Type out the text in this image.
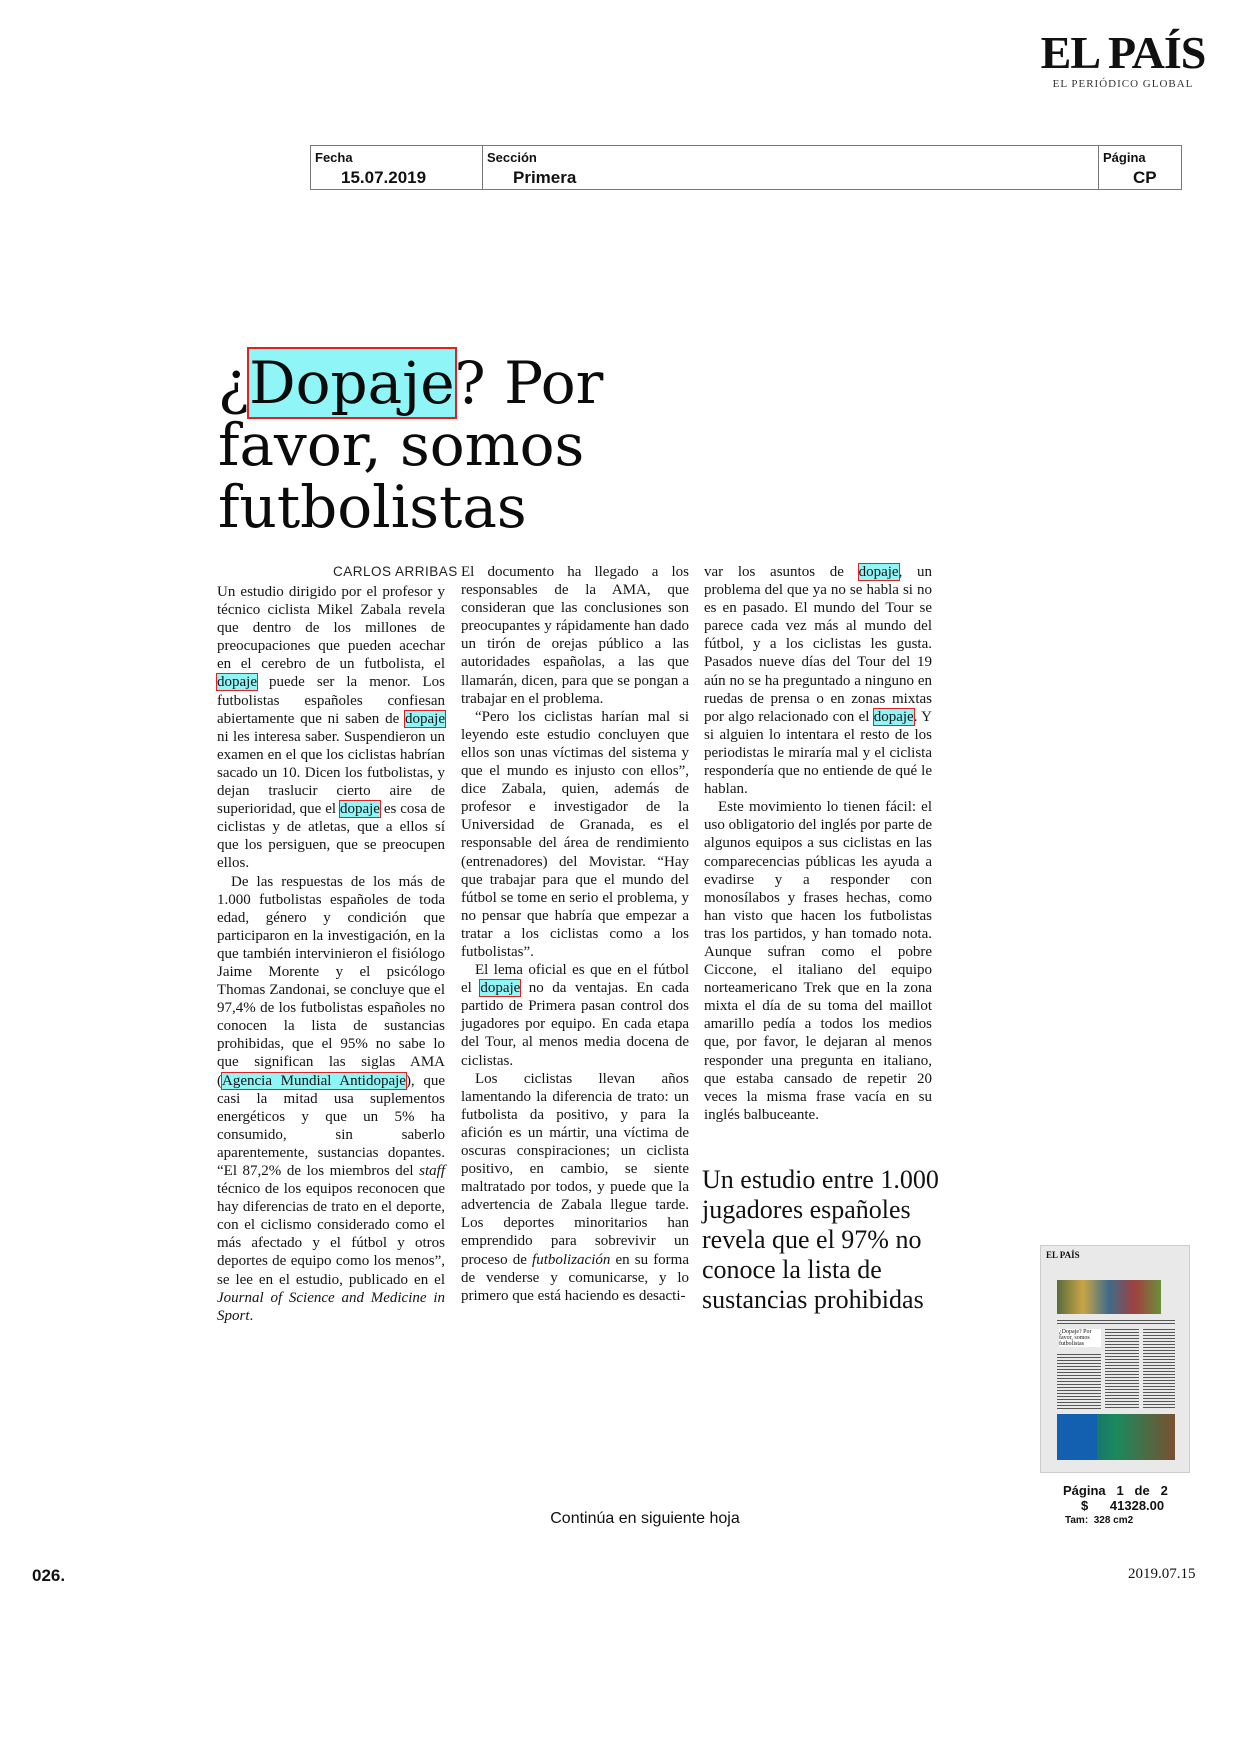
EL PAÍS
EL PERIÓDICO GLOBAL
Fecha
15.07.2019
Sección
Primera
Página
CP
¿Dopaje? Por favor, somos futbolistas
CARLOS ARRIBAS

Un estudio dirigido por el profesor y técnico ciclista Mikel Zabala revela que dentro de los millones de preocupaciones que pueden acechar en el cerebro de un futbolista, el dopaje puede ser la menor. Los futbolistas españoles confiesan abiertamente que ni saben de dopaje ni les interesa saber. Suspendieron un examen en el que los ciclistas habrían sacado un 10. Dicen los futbolistas, y dejan traslucir cierto aire de superioridad, que el dopaje es cosa de ciclistas y de atletas, que a ellos sí que los persiguen, que se preocupen ellos.

De las respuestas de los más de 1.000 futbolistas españoles de toda edad, género y condición que participaron en la investigación, en la que también intervinieron el fisiólogo Jaime Morente y el psicólogo Thomas Zandonai, se concluye que el 97,4% de los futbolistas españoles no conocen la lista de sustancias prohibidas, que el 95% no sabe lo que significan las siglas AMA (Agencia Mundial Antidopaje), que casi la mitad usa suplementos energéticos y que un 5% ha consumido, sin saberlo aparentemente, sustancias dopantes. “El 87,2% de los miembros del staff técnico de los equipos reconocen que hay diferencias de trato en el deporte, con el ciclismo considerado como el más afectado y el fútbol y otros deportes de equipo como los menos”, se lee en el estudio, publicado en el Journal of Science and Medicine in Sport.

El documento ha llegado a los responsables de la AMA, que consideran que las conclusiones son preocupantes y rápidamente han dado un tirón de orejas público a las autoridades españolas, a las que llamarán, dicen, para que se pongan a trabajar en el problema.

“Pero los ciclistas harían mal si leyendo este estudio concluyen que ellos son unas víctimas del sistema y que el mundo es injusto con ellos”, dice Zabala, quien, además de profesor e investigador de la Universidad de Granada, es el responsable del área de rendimiento (entrenadores) del Movistar. “Hay que trabajar para que el mundo del fútbol se tome en serio el problema, y no pensar que habría que empezar a tratar a los ciclistas como a los futbolistas”.

El lema oficial es que en el fútbol el dopaje no da ventajas. En cada partido de Primera pasan control dos jugadores por equipo. En cada etapa del Tour, al menos media docena de ciclistas.

Los ciclistas llevan años lamentando la diferencia de trato: un futbolista da positivo, y para la afición es un mártir, una víctima de oscuras conspiraciones; un ciclista positivo, en cambio, se siente maltratado por todos, y puede que la advertencia de Zabala llegue tarde. Los deportes minoritarios han emprendido para sobrevivir un proceso de futbolización en su forma de venderse y comunicarse, y lo primero que está haciendo es desacti-

var los asuntos de dopaje, un problema del que ya no se habla si no es en pasado. El mundo del Tour se parece cada vez más al mundo del fútbol, y a los ciclistas les gusta. Pasados nueve días del Tour del 19 aún no se ha preguntado a ninguno en ruedas de prensa o en zonas mixtas por algo relacionado con el dopaje. Y si alguien lo intentara el resto de los periodistas le miraría mal y el ciclista respondería que no entiende de qué le hablan.

Este movimiento lo tienen fácil: el uso obligatorio del inglés por parte de algunos equipos a sus ciclistas en las comparecencias públicas les ayuda a evadirse y a responder con monosílabos y frases hechas, como han visto que hacen los futbolistas tras los partidos, y han tomado nota. Aunque sufran como el pobre Ciccone, el italiano del equipo norteamericano Trek que en la zona mixta el día de su toma del maillot amarillo pedía a todos los medios que, por favor, le dejaran al menos responder una pregunta en italiano, que estaba cansado de repetir 20 veces la misma frase vacía en su inglés balbuceante.

Un estudio entre 1.000 jugadores españoles revela que el 97% no conoce la lista de sustancias prohibidas
EL PAÍS
¿Dopaje? Por favor, somos futbolistas
Página 1 de 2
$ 41328.00
Tam: 328 cm2
Continúa en siguiente hoja
026.	2019.07.15
